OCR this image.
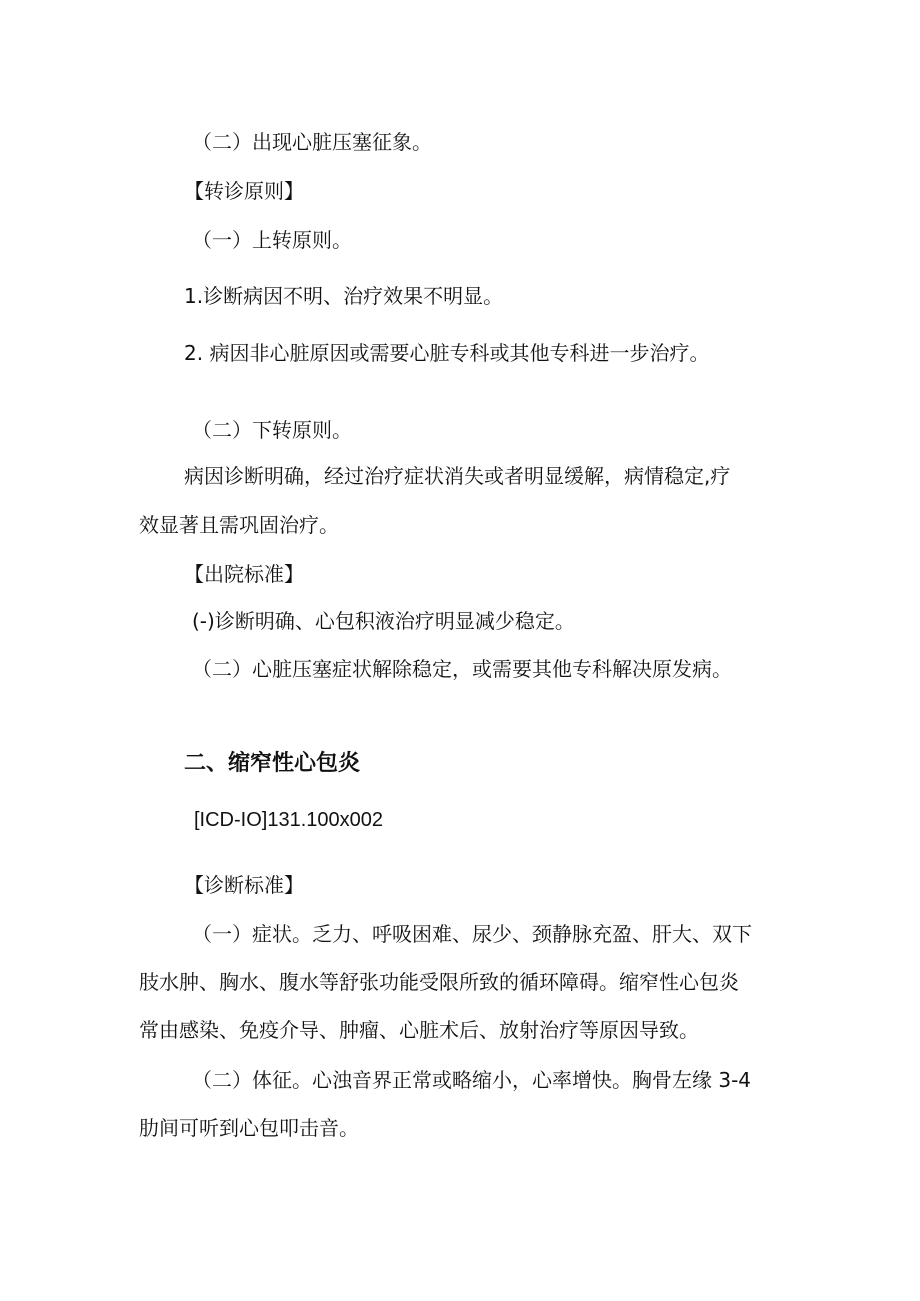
（二）出现心脏压塞征象。
【转诊原则】
（一）上转原则。
1.诊断病因不明、治疗效果不明显。
2. 病因非心脏原因或需要心脏专科或其他专科进一步治疗。
（二）下转原则。
病因诊断明确，经过治疗症状消失或者明显缓解，病情稳定,疗
效显著且需巩固治疗。
【出院标准】
(-)诊断明确、心包积液治疗明显减少稳定。
（二）心脏压塞症状解除稳定，或需要其他专科解决原发病。
二、缩窄性心包炎
[ICD-IO]131.100x002
【诊断标准】
（一）症状。乏力、呼吸困难、尿少、颈静脉充盈、肝大、双下
肢水肿、胸水、腹水等舒张功能受限所致的循环障碍。缩窄性心包炎
常由感染、免疫介导、肿瘤、心脏术后、放射治疗等原因导致。
（二）体征。心浊音界正常或略缩小，心率增快。胸骨左缘 3-4
肋间可听到心包叩击音。
